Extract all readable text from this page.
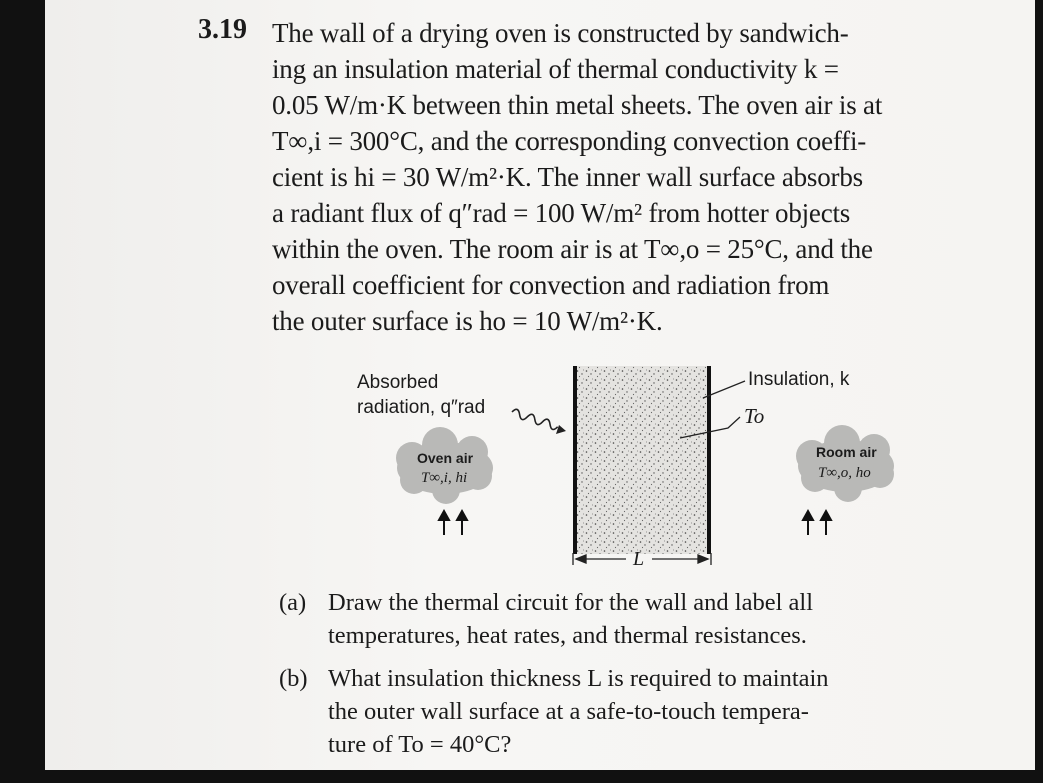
3.19 The wall of a drying oven is constructed by sandwich-
ing an insulation material of thermal conductivity k =
0.05 W/m·K between thin metal sheets. The oven air is at
T∞,i = 300°C, and the corresponding convection coeffi-
cient is hi = 30 W/m²·K. The inner wall surface absorbs
a radiant flux of q″rad = 100 W/m² from hotter objects
within the oven. The room air is at T∞,o = 25°C, and the
overall coefficient for convection and radiation from
the outer surface is ho = 10 W/m²·K.
Absorbed
radiation, q″rad
Insulation, k
To
Oven air
T∞,i, hi
Room air
T∞,o, ho
L
(a) Draw the thermal circuit for the wall and label all
temperatures, heat rates, and thermal resistances.
(b) What insulation thickness L is required to maintain
the outer wall surface at a safe-to-touch tempera-
ture of To = 40°C?
